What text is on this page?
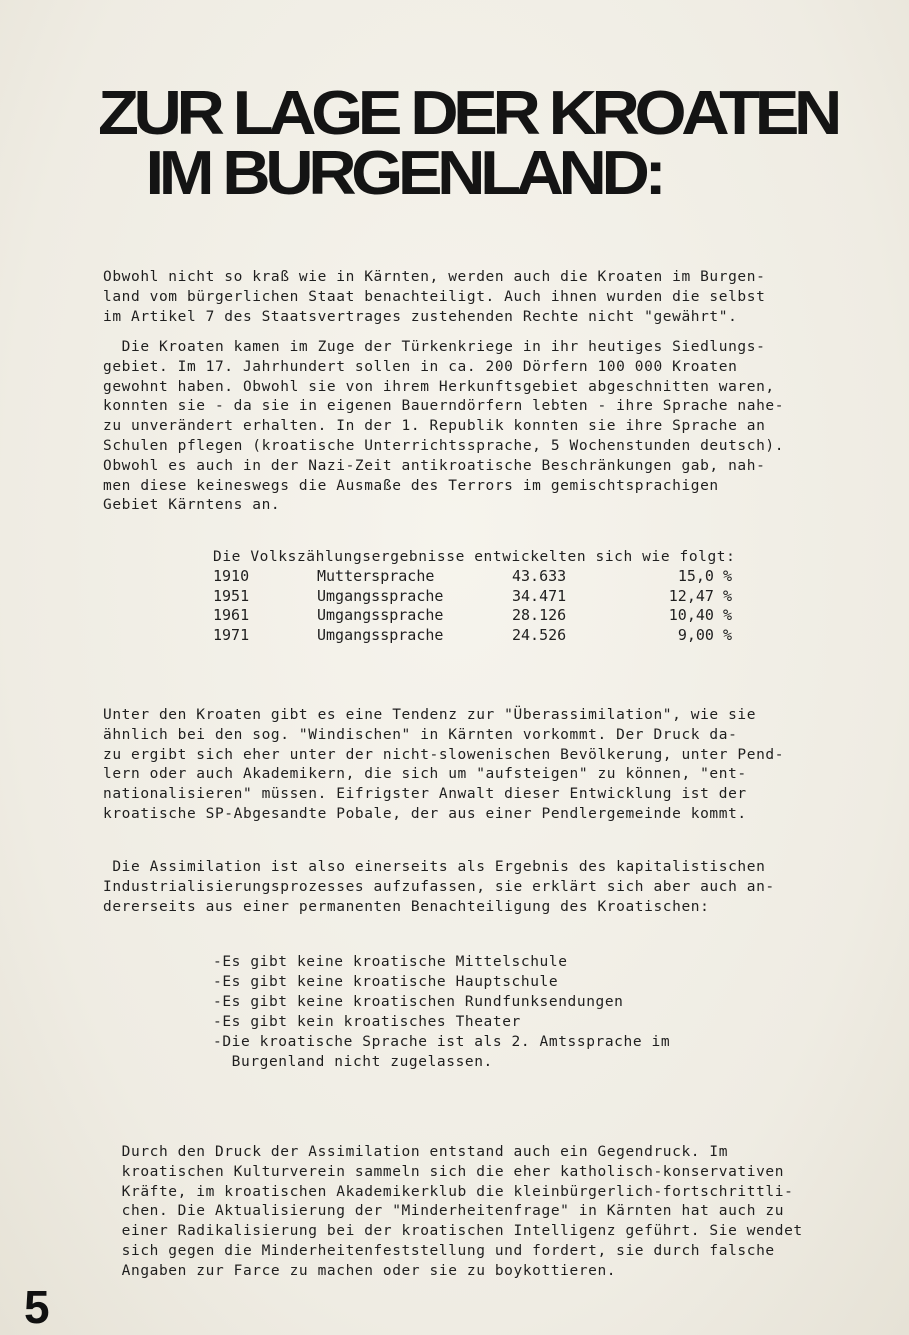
ZUR LAGE DER KROATEN
IM BURGENLAND:
Obwohl nicht so kraß wie in Kärnten, werden auch die Kroaten im Burgen-
land vom bürgerlichen Staat benachteiligt. Auch ihnen wurden die selbst
im Artikel 7 des Staatsvertrages zustehenden Rechte nicht "gewährt".
Die Kroaten kamen im Zuge der Türkenkriege in ihr heutiges Siedlungs-
gebiet. Im 17. Jahrhundert sollen in ca. 200 Dörfern 100 000 Kroaten
gewohnt haben. Obwohl sie von ihrem Herkunftsgebiet abgeschnitten waren,
konnten sie - da sie in eigenen Bauerndörfern lebten - ihre Sprache nahe-
zu unverändert erhalten. In der 1. Republik konnten sie ihre Sprache an
Schulen pflegen (kroatische Unterrichtssprache, 5 Wochenstunden deutsch).
Obwohl es auch in der Nazi-Zeit antikroatische Beschränkungen gab, nah-
men diese keineswegs die Ausmaße des Terrors im gemischtsprachigen
Gebiet Kärntens an.
Die Volkszählungsergebnisse entwickelten sich wie folgt:
1910	Muttersprache	43.633	15,0 %
1951	Umgangssprache	34.471	12,47 %
1961	Umgangssprache	28.126	10,40 %
1971	Umgangssprache	24.526	9,00 %
Unter den Kroaten gibt es eine Tendenz zur "Überassimilation", wie sie
ähnlich bei den sog. "Windischen" in Kärnten vorkommt. Der Druck da-
zu ergibt sich eher unter der nicht-slowenischen Bevölkerung, unter Pend-
lern oder auch Akademikern, die sich um "aufsteigen" zu können, "ent-
nationalisieren" müssen. Eifrigster Anwalt dieser Entwicklung ist der
kroatische SP-Abgesandte Pobale, der aus einer Pendlergemeinde kommt.
Die Assimilation ist also einerseits als Ergebnis des kapitalistischen
Industrialisierungsprozesses aufzufassen, sie erklärt sich aber auch an-
dererseits aus einer permanenten Benachteiligung des Kroatischen:
-Es gibt keine kroatische Mittelschule
-Es gibt keine kroatische Hauptschule
-Es gibt keine kroatischen Rundfunksendungen
-Es gibt kein kroatisches Theater
-Die kroatische Sprache ist als 2. Amtssprache im
Burgenland nicht zugelassen.
Durch den Druck der Assimilation entstand auch ein Gegendruck. Im
kroatischen Kulturverein sammeln sich die eher katholisch-konservativen
Kräfte, im kroatischen Akademikerklub die kleinbürgerlich-fortschrittli-
chen. Die Aktualisierung der "Minderheitenfrage" in Kärnten hat auch zu
einer Radikalisierung bei der kroatischen Intelligenz geführt. Sie wendet
sich gegen die Minderheitenfeststellung und fordert, sie durch falsche
Angaben zur Farce zu machen oder sie zu boykottieren.
5
